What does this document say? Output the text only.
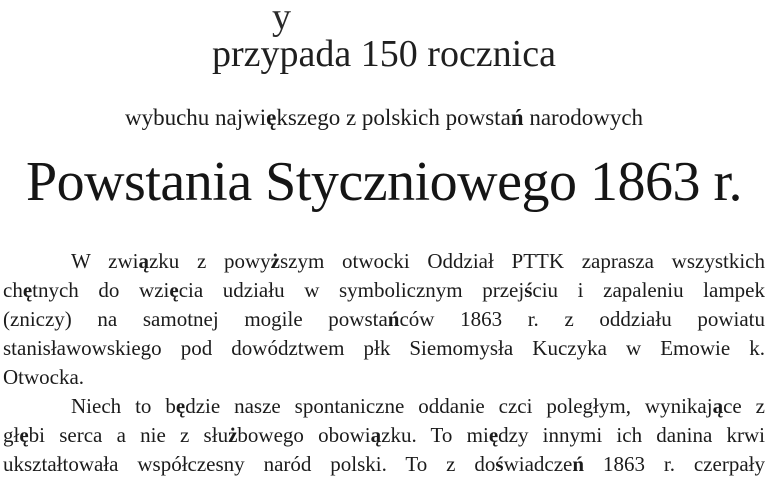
y
przypada 150 rocznica
wybuchu największego z polskich powstań narodowych
Powstania Styczniowego 1863 r.
W związku z powyższym otwocki Oddział PTTK zaprasza wszystkich
chętnych do wzięcia udziału w symbolicznym przejściu i zapaleniu lampek
(zniczy) na samotnej mogile powstańców 1863 r. z oddziału powiatu
stanisławowskiego pod dowództwem płk Siemomysła Kuczyka w Emowie k.
Otwocka.
Niech to będzie nasze spontaniczne oddanie czci poległym, wynikające z
głębi serca a nie z służbowego obowiązku. To między innymi ich danina krwi
ukształtowała współczesny naród polski. To z doświadczeń 1863 r. czerpały
